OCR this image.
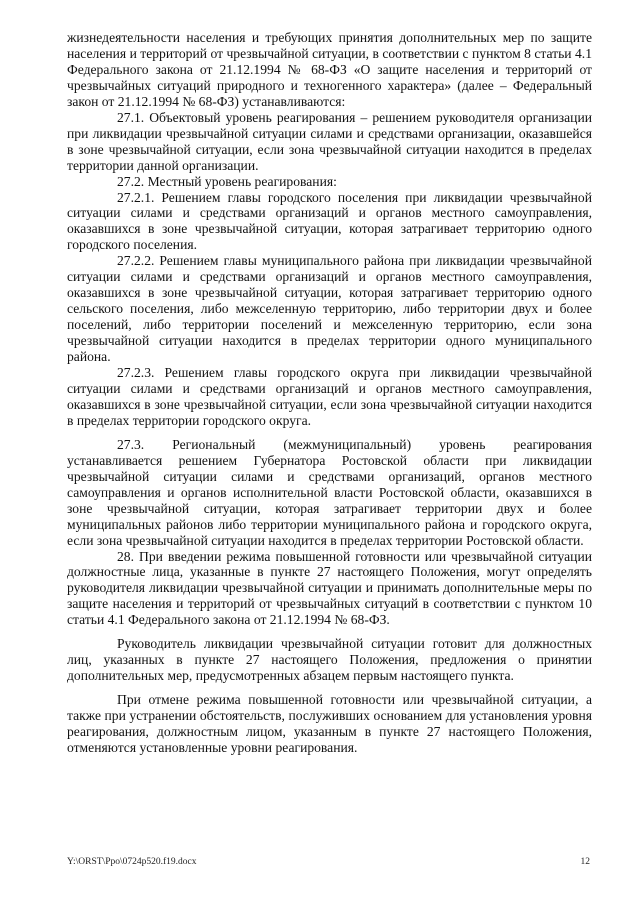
жизнедеятельности населения и требующих принятия дополнительных мер по защите населения и территорий от чрезвычайной ситуации, в соответствии с пунктом 8 статьи 4.1 Федерального закона от 21.12.1994 № 68-ФЗ «О защите населения и территорий от чрезвычайных ситуаций природного и техногенного характера» (далее – Федеральный закон от 21.12.1994 № 68-ФЗ) устанавливаются:

27.1. Объектовый уровень реагирования – решением руководителя организации при ликвидации чрезвычайной ситуации силами и средствами организации, оказавшейся в зоне чрезвычайной ситуации, если зона чрезвычайной ситуации находится в пределах территории данной организации.

27.2. Местный уровень реагирования:

27.2.1. Решением главы городского поселения при ликвидации чрезвычайной ситуации силами и средствами организаций и органов местного самоуправления, оказавшихся в зоне чрезвычайной ситуации, которая затрагивает территорию одного городского поселения.

27.2.2. Решением главы муниципального района при ликвидации чрезвычайной ситуации силами и средствами организаций и органов местного самоуправления, оказавшихся в зоне чрезвычайной ситуации, которая затрагивает территорию одного сельского поселения, либо межселенную территорию, либо территории двух и более поселений, либо территории поселений и межселенную территорию, если зона чрезвычайной ситуации находится в пределах территории одного муниципального района.

27.2.3. Решением главы городского округа при ликвидации чрезвычайной ситуации силами и средствами организаций и органов местного самоуправления, оказавшихся в зоне чрезвычайной ситуации, если зона чрезвычайной ситуации находится в пределах территории городского округа.

27.3. Региональный (межмуниципальный) уровень реагирования устанавливается решением Губернатора Ростовской области при ликвидации чрезвычайной ситуации силами и средствами организаций, органов местного самоуправления и органов исполнительной власти Ростовской области, оказавшихся в зоне чрезвычайной ситуации, которая затрагивает территории двух и более муниципальных районов либо территории муниципального района и городского округа, если зона чрезвычайной ситуации находится в пределах территории Ростовской области.

28. При введении режима повышенной готовности или чрезвычайной ситуации должностные лица, указанные в пункте 27 настоящего Положения, могут определять руководителя ликвидации чрезвычайной ситуации и принимать дополнительные меры по защите населения и территорий от чрезвычайных ситуаций в соответствии с пунктом 10 статьи 4.1 Федерального закона от 21.12.1994 № 68-ФЗ.

Руководитель ликвидации чрезвычайной ситуации готовит для должностных лиц, указанных в пункте 27 настоящего Положения, предложения о принятии дополнительных мер, предусмотренных абзацем первым настоящего пункта.

При отмене режима повышенной готовности или чрезвычайной ситуации, а также при устранении обстоятельств, послуживших основанием для установления уровня реагирования, должностным лицом, указанным в пункте 27 настоящего Положения, отменяются установленные уровни реагирования.

Y:\ORST\Ppo\0724p520.f19.docx	12
